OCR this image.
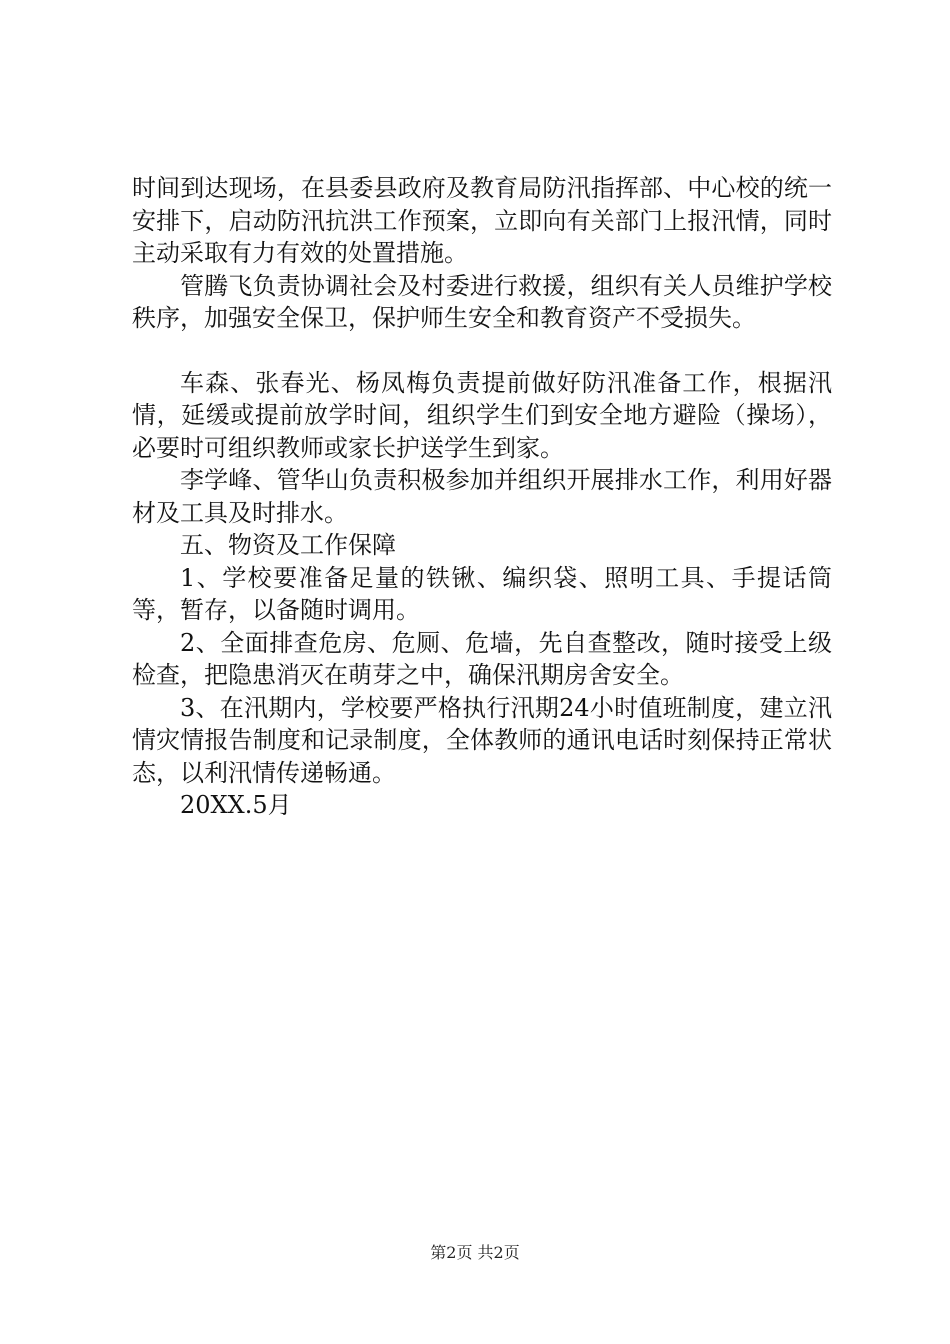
时间到达现场，在县委县政府及教育局防汛指挥部、中心校的统一安排下，启动防汛抗洪工作预案，立即向有关部门上报汛情，同时主动采取有力有效的处置措施。

管腾飞负责协调社会及村委进行救援，组织有关人员维护学校秩序，加强安全保卫，保护师生安全和教育资产不受损失。

车森、张春光、杨凤梅负责提前做好防汛准备工作，根据汛情，延缓或提前放学时间，组织学生们到安全地方避险（操场），必要时可组织教师或家长护送学生到家。

李学峰、管华山负责积极参加并组织开展排水工作，利用好器材及工具及时排水。

五、物资及工作保障

1、学校要准备足量的铁锹、编织袋、照明工具、手提话筒等，暂存，以备随时调用。

2、全面排查危房、危厕、危墙，先自查整改，随时接受上级检查，把隐患消灭在萌芽之中，确保汛期房舍安全。

3、在汛期内，学校要严格执行汛期24小时值班制度，建立汛情灾情报告制度和记录制度，全体教师的通讯电话时刻保持正常状态，以利汛情传递畅通。

20XX.5月

第2页 共2页
